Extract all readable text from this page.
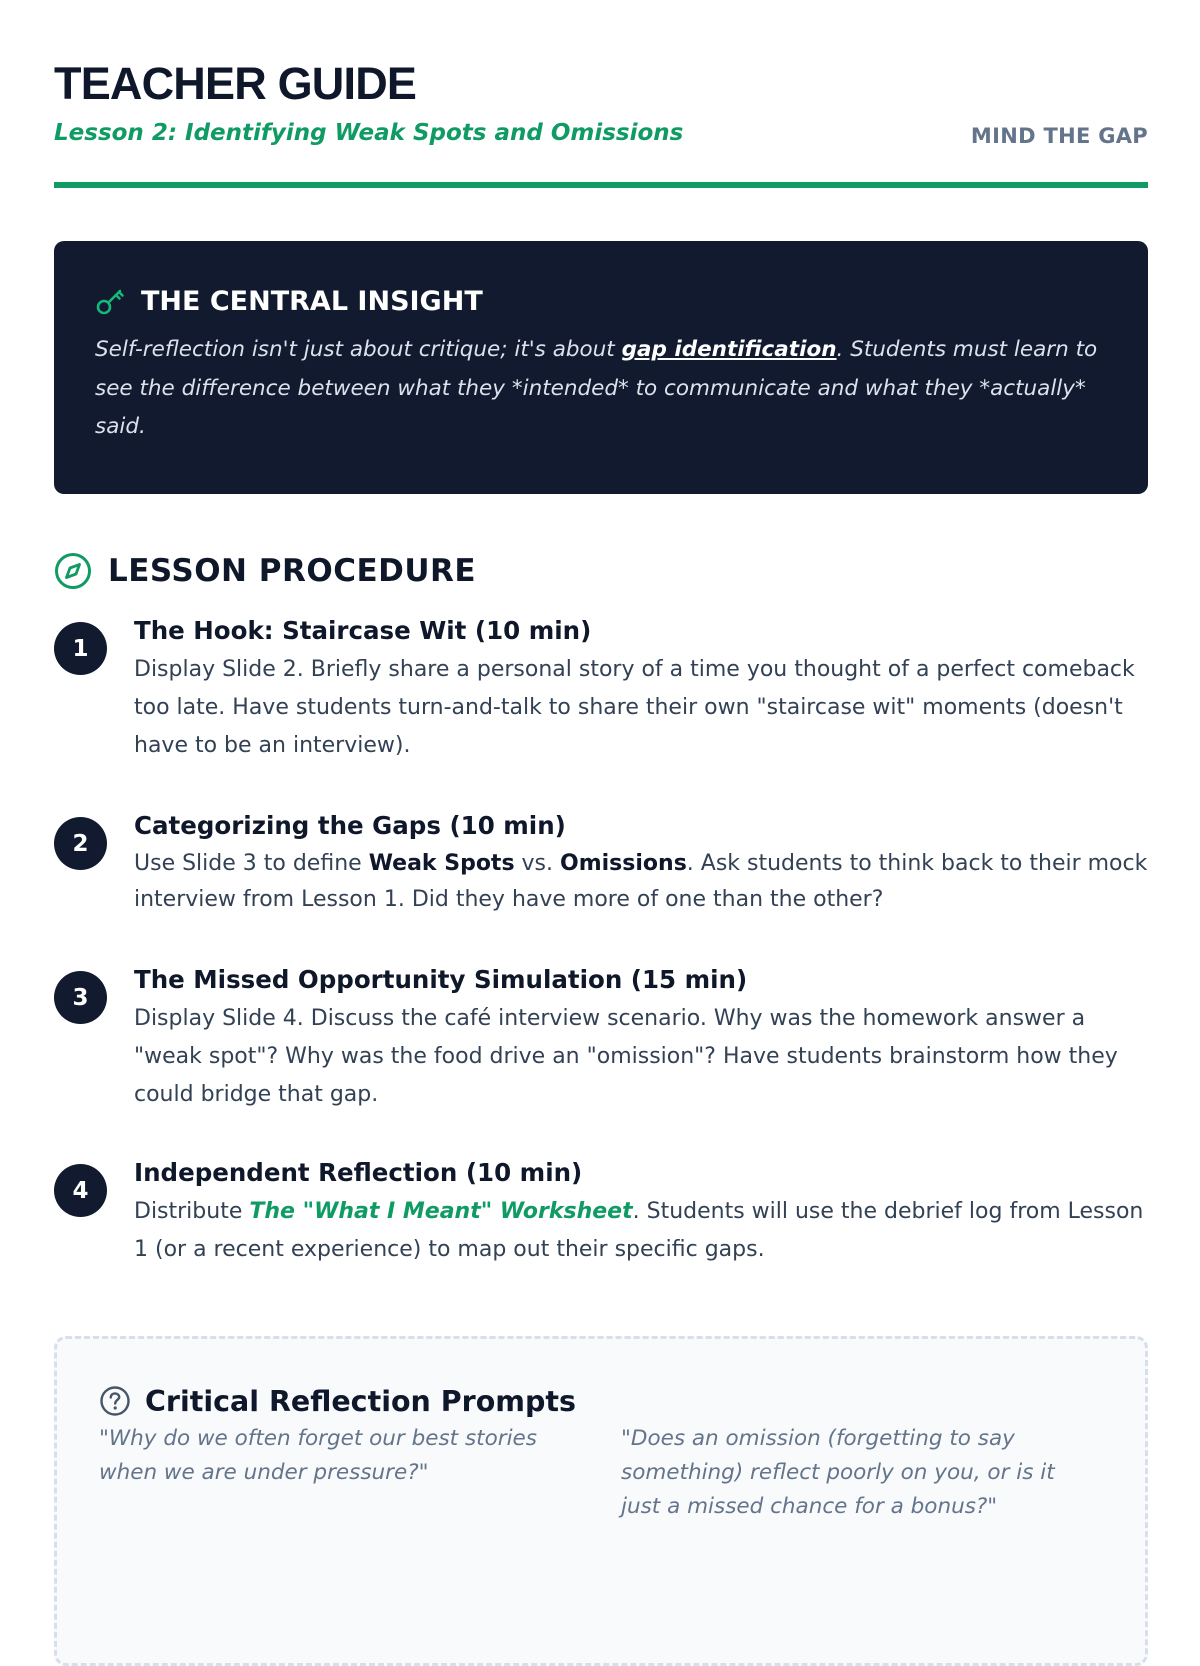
TEACHER GUIDE
Lesson 2: Identifying Weak Spots and Omissions	MIND THE GAP
THE CENTRAL INSIGHT

Self-reflection isn't just about critique; it's about gap identification. Students must learn to see the difference between what they *intended* to communicate and what they *actually* said.

LESSON PROCEDURE
1
The Hook: Staircase Wit (10 min)

Display Slide 2. Briefly share a personal story of a time you thought of a perfect comeback too late. Have students turn-and-talk to share their own "staircase wit" moments (doesn't have to be an interview).

2
Categorizing the Gaps (10 min)

Use Slide 3 to define Weak Spots vs. Omissions. Ask students to think back to their mock interview from Lesson 1. Did they have more of one than the other?

3
The Missed Opportunity Simulation (15 min)

Display Slide 4. Discuss the café interview scenario. Why was the homework answer a "weak spot"? Why was the food drive an "omission"? Have students brainstorm how they could bridge that gap.

4
Independent Reflection (10 min)

Distribute The "What I Meant" Worksheet. Students will use the debrief log from Lesson 1 (or a recent experience) to map out their specific gaps.

Critical Reflection Prompts

"Why do we often forget our best stories when we are under pressure?"

"Does an omission (forgetting to say something) reflect poorly on you, or is it just a missed chance for a bonus?"
